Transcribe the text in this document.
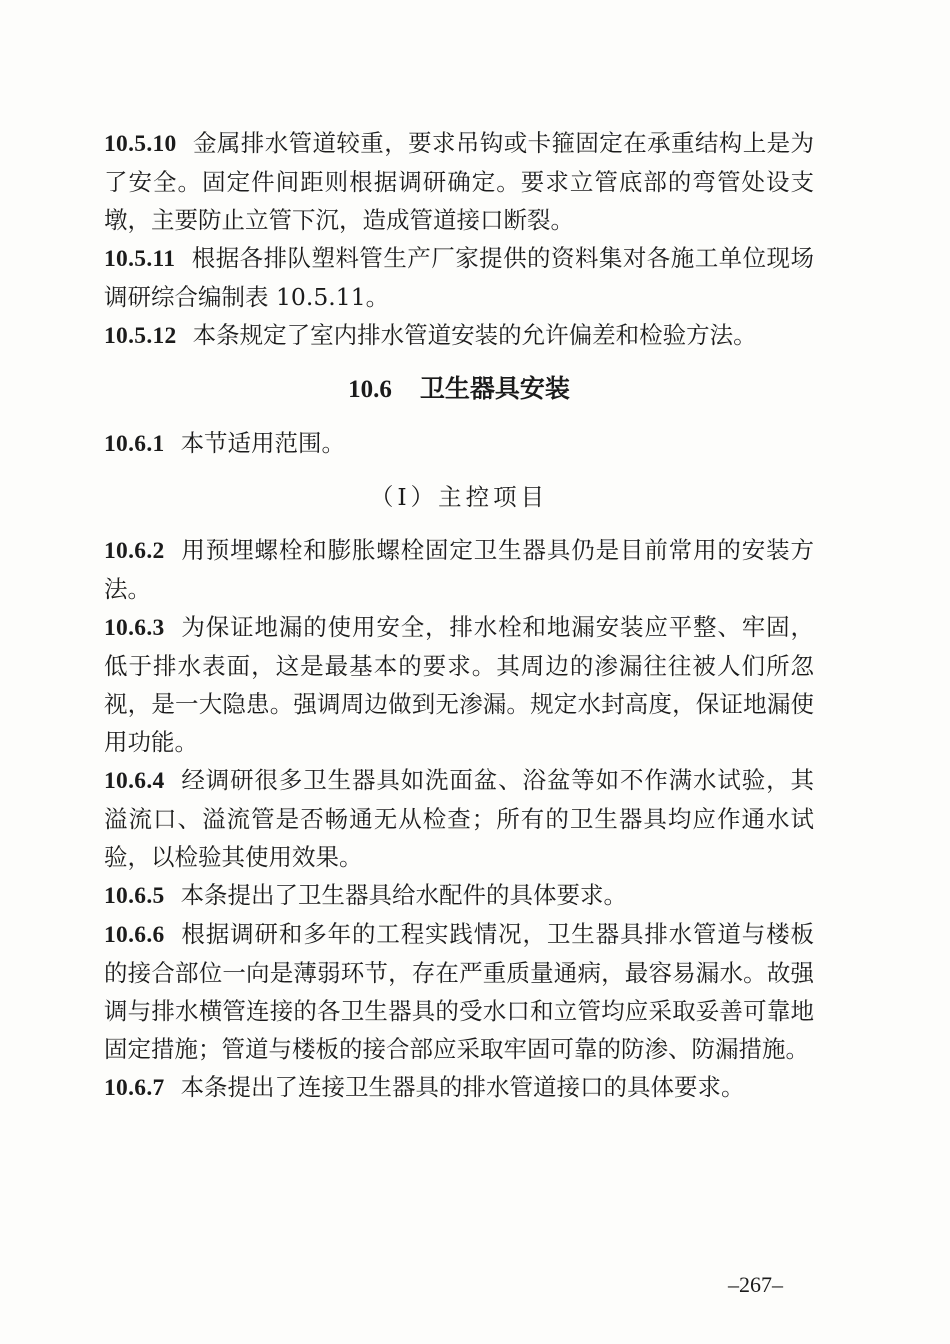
10.5.10 金属排水管道较重，要求吊钩或卡箍固定在承重结构上是为了安全。固定件间距则根据调研确定。要求立管底部的弯管处设支墩，主要防止立管下沉，造成管道接口断裂。

10.5.11 根据各排队塑料管生产厂家提供的资料集对各施工单位现场调研综合编制表 10.5.11。

10.5.12 本条规定了室内排水管道安装的允许偏差和检验方法。

10.6 卫生器具安装

10.6.1 本节适用范围。

（Ⅰ）主控项目

10.6.2 用预埋螺栓和膨胀螺栓固定卫生器具仍是目前常用的安装方法。

10.6.3 为保证地漏的使用安全，排水栓和地漏安装应平整、牢固，低于排水表面，这是最基本的要求。其周边的渗漏往往被人们所忽视，是一大隐患。强调周边做到无渗漏。规定水封高度，保证地漏使用功能。

10.6.4 经调研很多卫生器具如洗面盆、浴盆等如不作满水试验，其溢流口、溢流管是否畅通无从检查；所有的卫生器具均应作通水试验，以检验其使用效果。

10.6.5 本条提出了卫生器具给水配件的具体要求。

10.6.6 根据调研和多年的工程实践情况，卫生器具排水管道与楼板的接合部位一向是薄弱环节，存在严重质量通病，最容易漏水。故强调与排水横管连接的各卫生器具的受水口和立管均应采取妥善可靠地固定措施；管道与楼板的接合部应采取牢固可靠的防渗、防漏措施。

10.6.7 本条提出了连接卫生器具的排水管道接口的具体要求。

–267–
